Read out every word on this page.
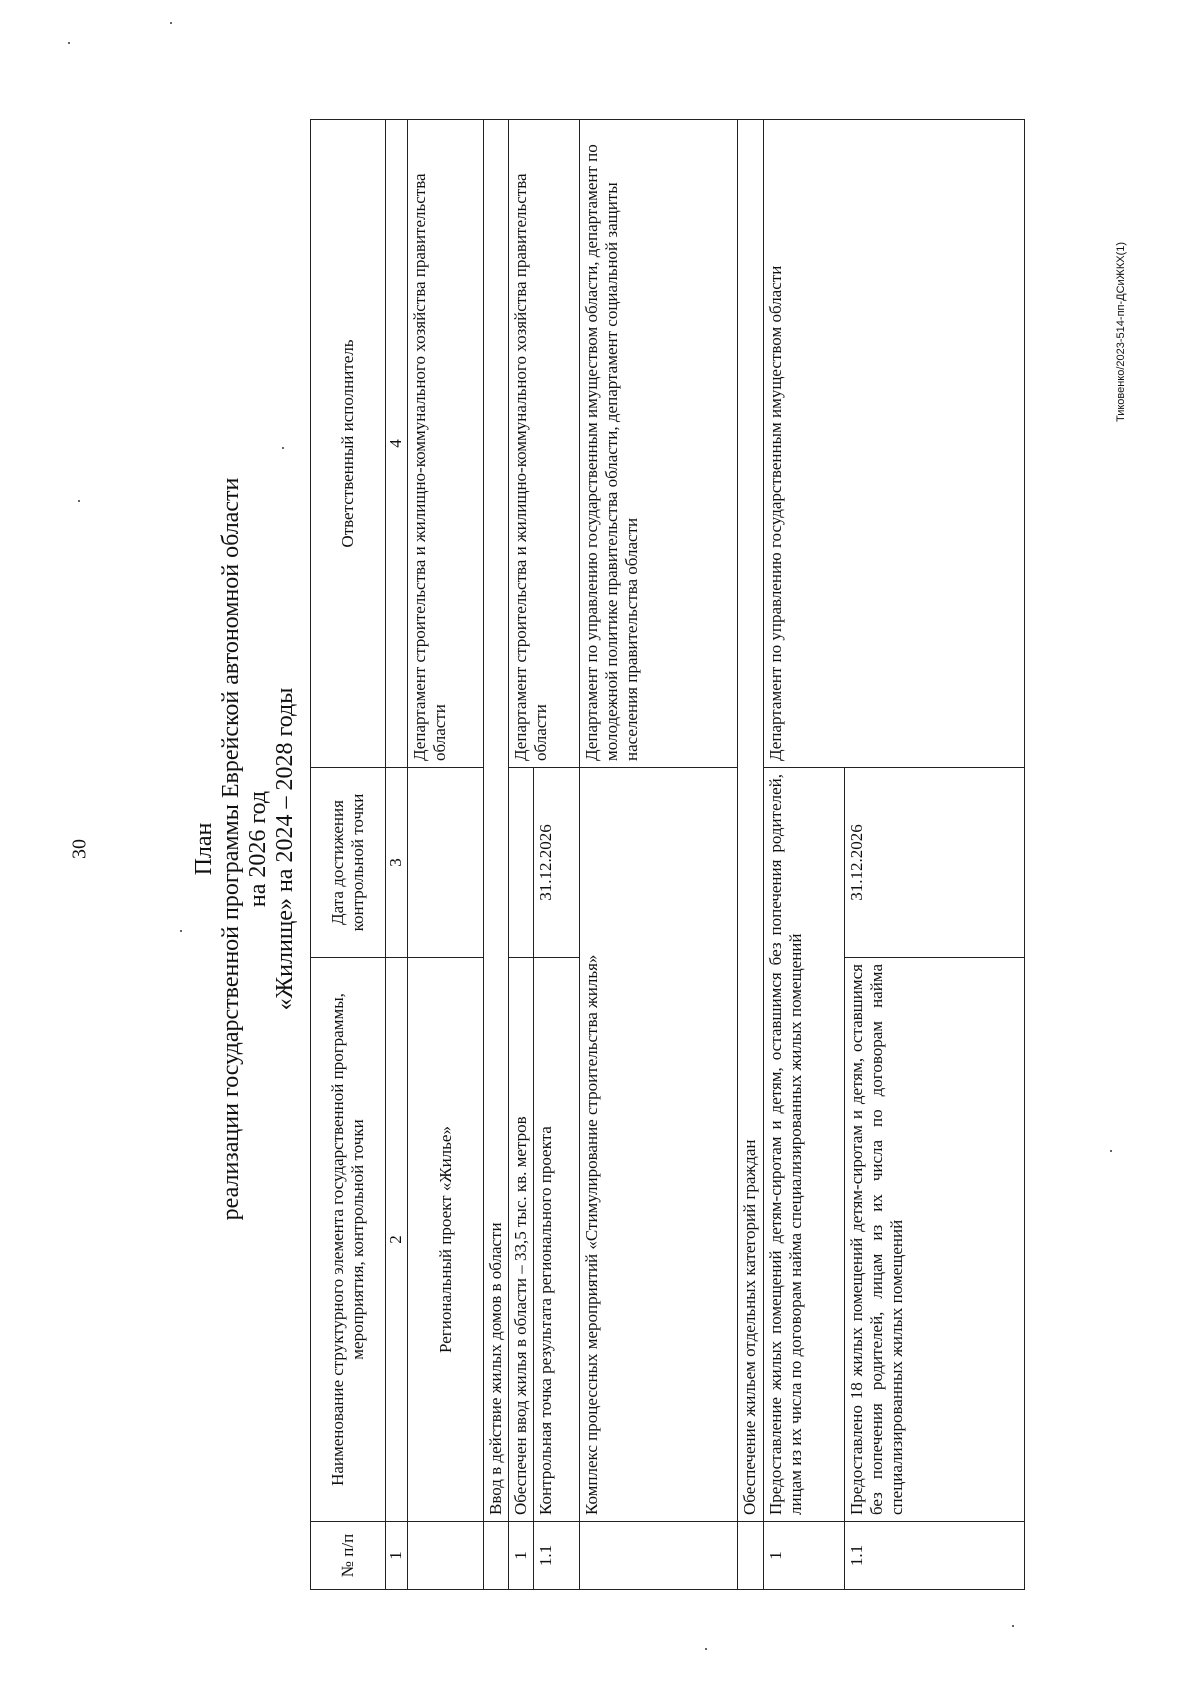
30	План реализации государственной программы Еврейской автономной области на 2026 год «Жилище» на 2024 – 2028 годы
№ п/п	Наименование структурного элемента государственной программы, мероприятия, контрольной точки	Дата достижения контрольной точки	Ответственный исполнитель
1	2	3	4
	Региональный проект «Жилье»		Департамент строительства и жилищно-коммунального хозяйства правительства области
	Ввод в действие жилых домов в области		
1	Обеспечен ввод жилья в области – 33,5 тыс. кв. метров		Департамент строительства и жилищно-коммунального хозяйства правительства области
1.1	Контрольная точка результата регионального проекта	31.12.2026	
	Комплекс процессных мероприятий «Стимулирование строительства жилья»		Департамент по управлению государственным имуществом области, департамент по молодежной политике правительства области, департамент социальной защиты населения правительства области
	Обеспечение жильем отдельных категорий граждан		
1	Предоставление жилых помещений детям-сиротам и детям, оставшимся без попечения родителей, лицам из их числа по договорам найма специализированных жилых помещений		Департамент по управлению государственным имуществом области
1.1	Предоставлено 18 жилых помещений детям-сиротам и детям, оставшимся без попечения родителей, лицам из их числа по договорам найма специализированных жилых помещений	31.12.2026	
Тиковенко/2023-514-пп-ДСиЖКХ(1)
